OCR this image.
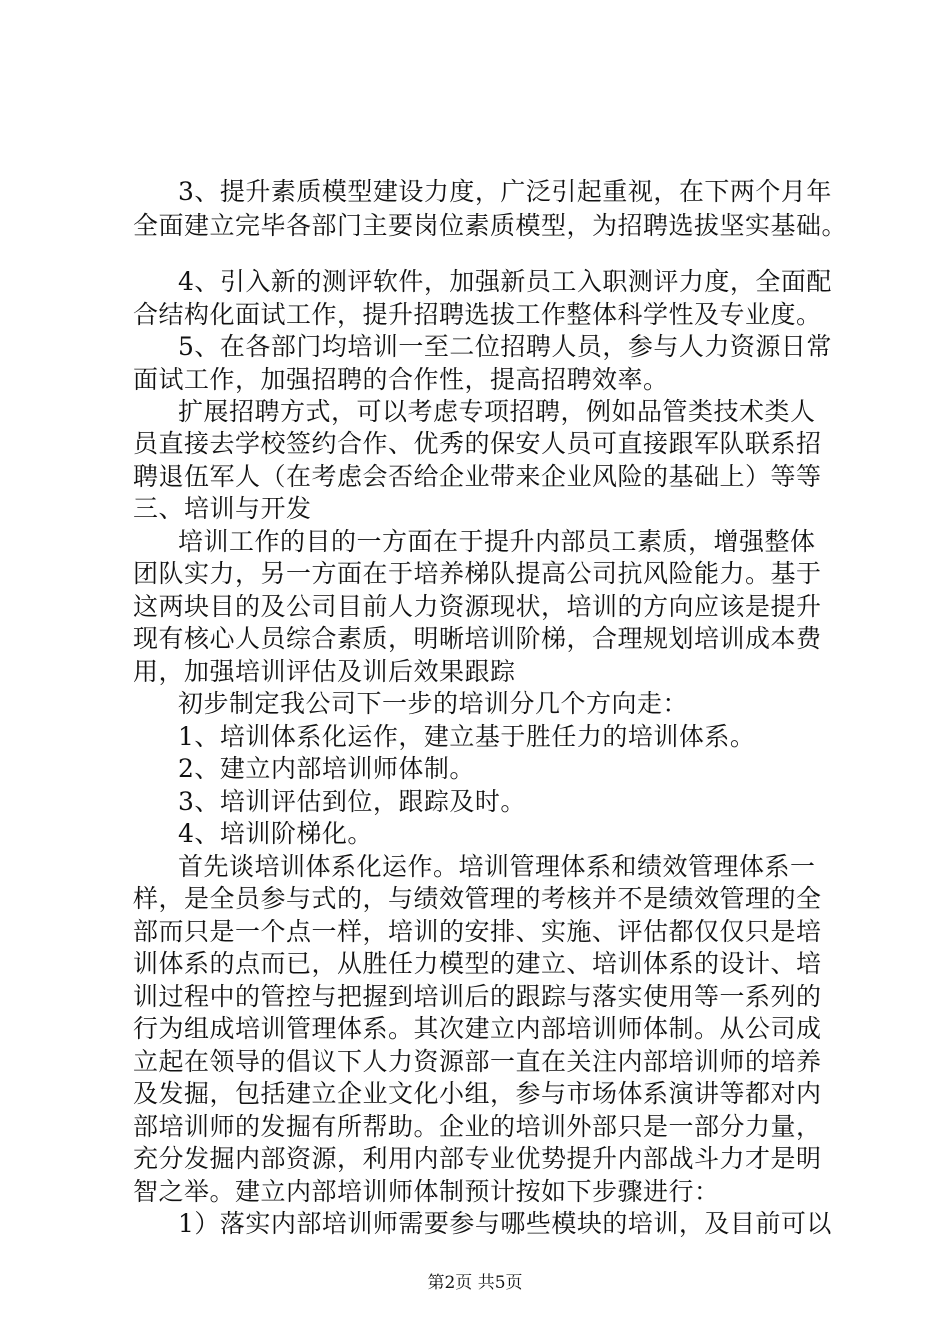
3、提升素质模型建设力度，广泛引起重视，在下两个月年
全面建立完毕各部门主要岗位素质模型，为招聘选拔坚实基础。
4、引入新的测评软件，加强新员工入职测评力度，全面配
合结构化面试工作，提升招聘选拔工作整体科学性及专业度。
5、在各部门均培训一至二位招聘人员，参与人力资源日常
面试工作，加强招聘的合作性，提高招聘效率。
扩展招聘方式，可以考虑专项招聘，例如品管类技术类人
员直接去学校签约合作、优秀的保安人员可直接跟军队联系招
聘退伍军人（在考虑会否给企业带来企业风险的基础上）等等
三、培训与开发
培训工作的目的一方面在于提升内部员工素质，增强整体
团队实力，另一方面在于培养梯队提高公司抗风险能力。基于
这两块目的及公司目前人力资源现状，培训的方向应该是提升
现有核心人员综合素质，明晰培训阶梯，合理规划培训成本费
用，加强培训评估及训后效果跟踪
初步制定我公司下一步的培训分几个方向走：
1、培训体系化运作，建立基于胜任力的培训体系。
2、建立内部培训师体制。
3、培训评估到位，跟踪及时。
4、培训阶梯化。
首先谈培训体系化运作。培训管理体系和绩效管理体系一
样，是全员参与式的，与绩效管理的考核并不是绩效管理的全
部而只是一个点一样，培训的安排、实施、评估都仅仅只是培
训体系的点而已，从胜任力模型的建立、培训体系的设计、培
训过程中的管控与把握到培训后的跟踪与落实使用等一系列的
行为组成培训管理体系。其次建立内部培训师体制。从公司成
立起在领导的倡议下人力资源部一直在关注内部培训师的培养
及发掘，包括建立企业文化小组，参与市场体系演讲等都对内
部培训师的发掘有所帮助。企业的培训外部只是一部分力量，
充分发掘内部资源，利用内部专业优势提升内部战斗力才是明
智之举。建立内部培训师体制预计按如下步骤进行：
1）落实内部培训师需要参与哪些模块的培训，及目前可以
第2页 共5页
